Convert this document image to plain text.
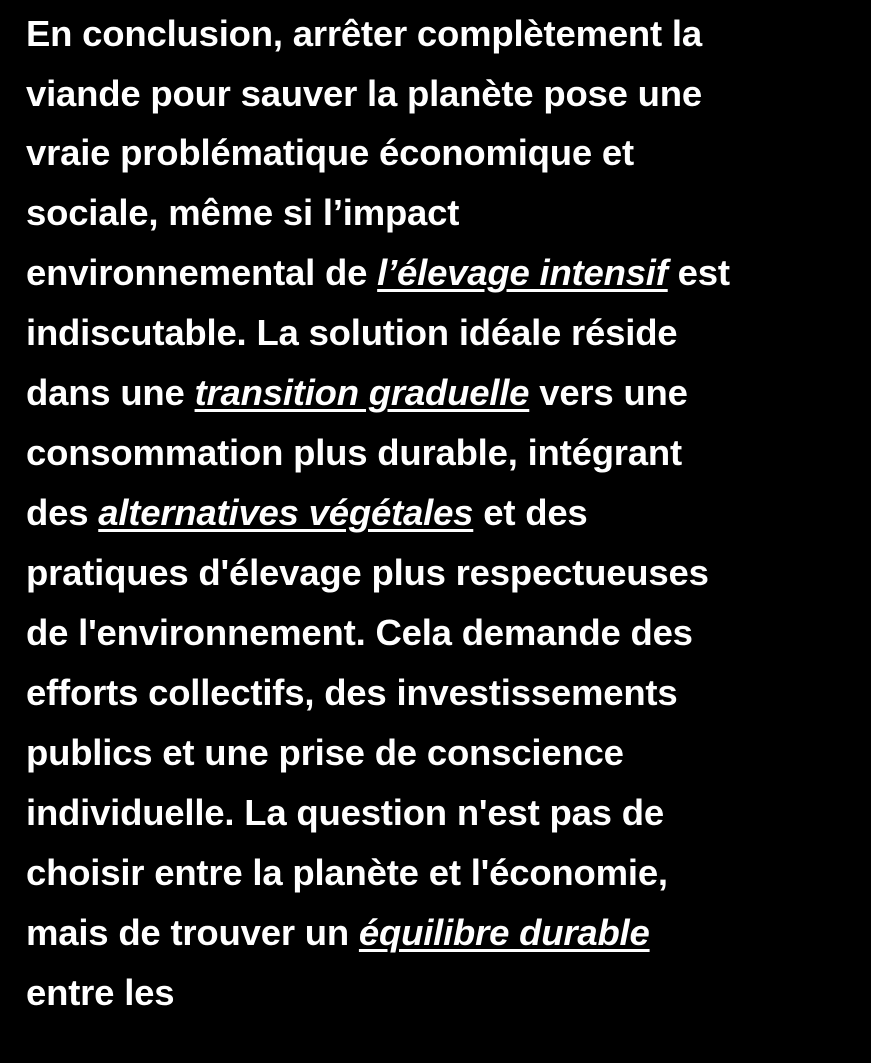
En conclusion, arrêter complètement la
viande pour sauver la planète pose une
vraie problématique économique et
sociale, même si l’impact
environnemental de l’élevage intensif est
indiscutable. La solution idéale réside
dans une transition graduelle vers une
consommation plus durable, intégrant
des alternatives végétales et des
pratiques d'élevage plus respectueuses
de l'environnement. Cela demande des
efforts collectifs, des investissements
publics et une prise de conscience
individuelle. La question n'est pas de
choisir entre la planète et l'économie,
mais de trouver un équilibre durable
entre les
